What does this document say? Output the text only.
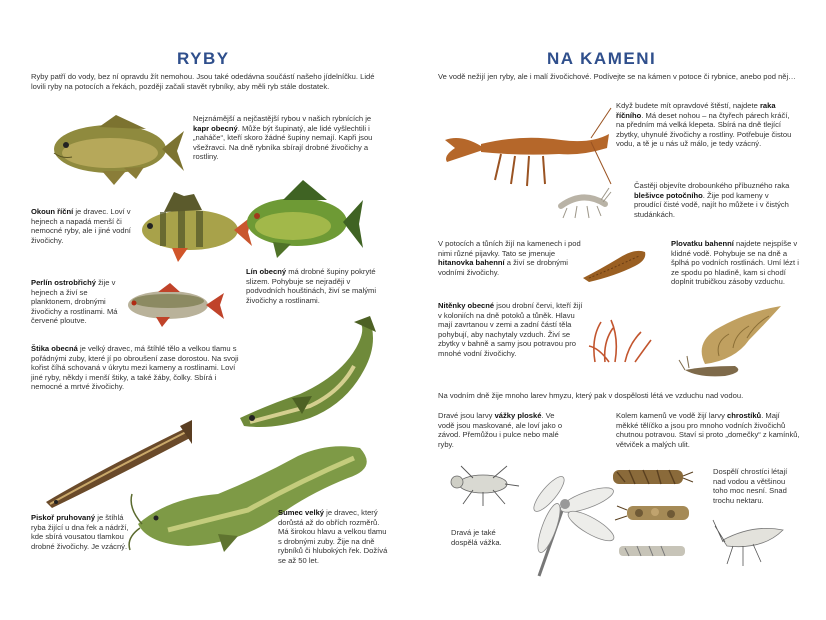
RYBY
Ryby patří do vody, bez ní opravdu žít nemohou. Jsou také odedávna součástí našeho jídelníčku. Lidé lovili ryby na potocích a řekách, později začali stavět rybníky, aby měli ryb stále dostatek.
Nejznámější a nejčastější rybou v našich rybnících je kapr obecný. Může být šupinatý, ale lidé vyšlechtili i „naháče“, kteří skoro žádné šupiny nemají. Kapři jsou všežravci. Na dně rybníka sbírají drobné živočichy a rostliny.
Okoun říční je dravec. Loví v hejnech a napadá menší či nemocné ryby, ale i jiné vodní živočichy.
Perlín ostrobřichý žije v hejnech a živí se planktonem, drobnými živočichy a rostlinami. Má červené ploutve.
Lín obecný má drobné šupiny pokryté slizem. Pohybuje se nejraději v podvodních houštinách, živí se malými živočichy a rostlinami.
Štika obecná je velký dravec, má štíhlé tělo a velkou tlamu s pořádnými zuby, které jí po obroušení zase dorostou. Na svoji kořist číhá schovaná v úkrytu mezi kameny a rostlinami. Loví jiné ryby, někdy i menší štiky, a také žáby, čolky. Sbírá i nemocné a mrtvé živočichy.
Piskoř pruhovaný je štíhlá ryba žijící u dna řek a nádrží, kde sbírá vousatou tlamkou drobné živočichy. Je vzácný.
Sumec velký je dravec, který dorůstá až do obřích rozměrů. Má širokou hlavu a velkou tlamu s drobnými zuby. Žije na dně rybníků či hlubokých řek. Dožívá se až 50 let.
NA KAMENI
Ve vodě nežijí jen ryby, ale i malí živočichové. Podívejte se na kámen v potoce či rybnice, anebo pod něj…
Když budete mít opravdové štěstí, najdete raka říčního. Má deset nohou – na čtyřech párech kráčí, na předním má velká klepeta. Sbírá na dně tlející zbytky, uhynulé živočichy a rostliny. Potřebuje čistou vodu, a tě je u nás už málo, je tedy vzácný.
Častěji objevíte drobounkého příbuzného raka blešivce potočního. Žije pod kameny v proudící čisté vodě, najít ho můžete i v čistých studánkách.
V potocích a tůních žijí na kamenech i pod nimi různé pijavky. Tato se jmenuje hitanovka bahenní a živí se drobnými vodními živočichy.
Plovatku bahenní najdete nejspíše v klidné vodě. Pohybuje se na dně a šplhá po vodních rostlinách. Umí lézt i ze spodu po hladině, kam si chodí doplnit trubičkou zásoby vzduchu.
Nitěnky obecné jsou drobní červi, kteří žijí v koloniích na dně potoků a tůněk. Hlavu mají zavrtanou v zemi a zadní částí těla pohybují, aby nachytaly vzduch. Živí se zbytky v bahně a samy jsou potravou pro mnohé vodní živočichy.
Na vodním dně žije mnoho larev hmyzu, který pak v dospělosti létá ve vzduchu nad vodou.
Dravé jsou larvy vážky ploské. Ve vodě jsou maskované, ale loví jako o závod. Přemůžou i pulce nebo malé ryby.
Kolem kamenů ve vodě žijí larvy chrostíků. Mají měkké tělíčko a jsou pro mnoho vodních živočichů chutnou potravou. Staví si proto „domečky“ z kamínků, větviček a malých ulit.
Dravá je také dospělá vážka.
Dospělí chrostíci létají nad vodou a většinou toho moc nesní. Snad trochu nektaru.
